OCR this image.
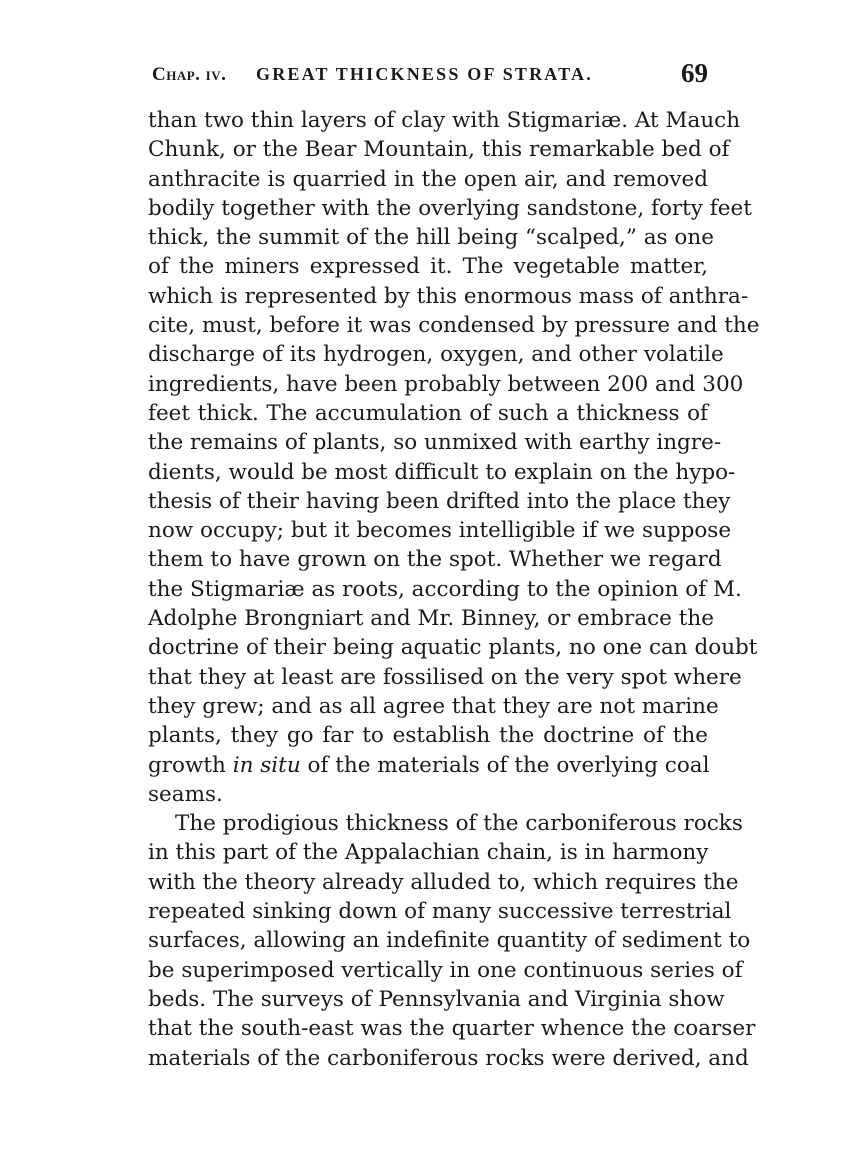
Chap. iv. GREAT THICKNESS OF STRATA.	69

than two thin layers of clay with Stigmariæ. At Mauch
Chunk, or the Bear Mountain, this remarkable bed of
anthracite is quarried in the open air, and removed
bodily together with the overlying sandstone, forty feet
thick, the summit of the hill being “scalped,” as one
of the miners expressed it. The vegetable matter,
which is represented by this enormous mass of anthra-
cite, must, before it was condensed by pressure and the
discharge of its hydrogen, oxygen, and other volatile
ingredients, have been probably between 200 and 300
feet thick. The accumulation of such a thickness of
the remains of plants, so unmixed with earthy ingre-
dients, would be most difficult to explain on the hypo-
thesis of their having been drifted into the place they
now occupy; but it becomes intelligible if we suppose
them to have grown on the spot. Whether we regard
the Stigmariæ as roots, according to the opinion of M.
Adolphe Brongniart and Mr. Binney, or embrace the
doctrine of their being aquatic plants, no one can doubt
that they at least are fossilised on the very spot where
they grew; and as all agree that they are not marine
plants, they go far to establish the doctrine of the
growth in situ of the materials of the overlying coal
seams.

The prodigious thickness of the carboniferous rocks
in this part of the Appalachian chain, is in harmony
with the theory already alluded to, which requires the
repeated sinking down of many successive terrestrial
surfaces, allowing an indefinite quantity of sediment to
be superimposed vertically in one continuous series of
beds. The surveys of Pennsylvania and Virginia show
that the south-east was the quarter whence the coarser
materials of the carboniferous rocks were derived, and
